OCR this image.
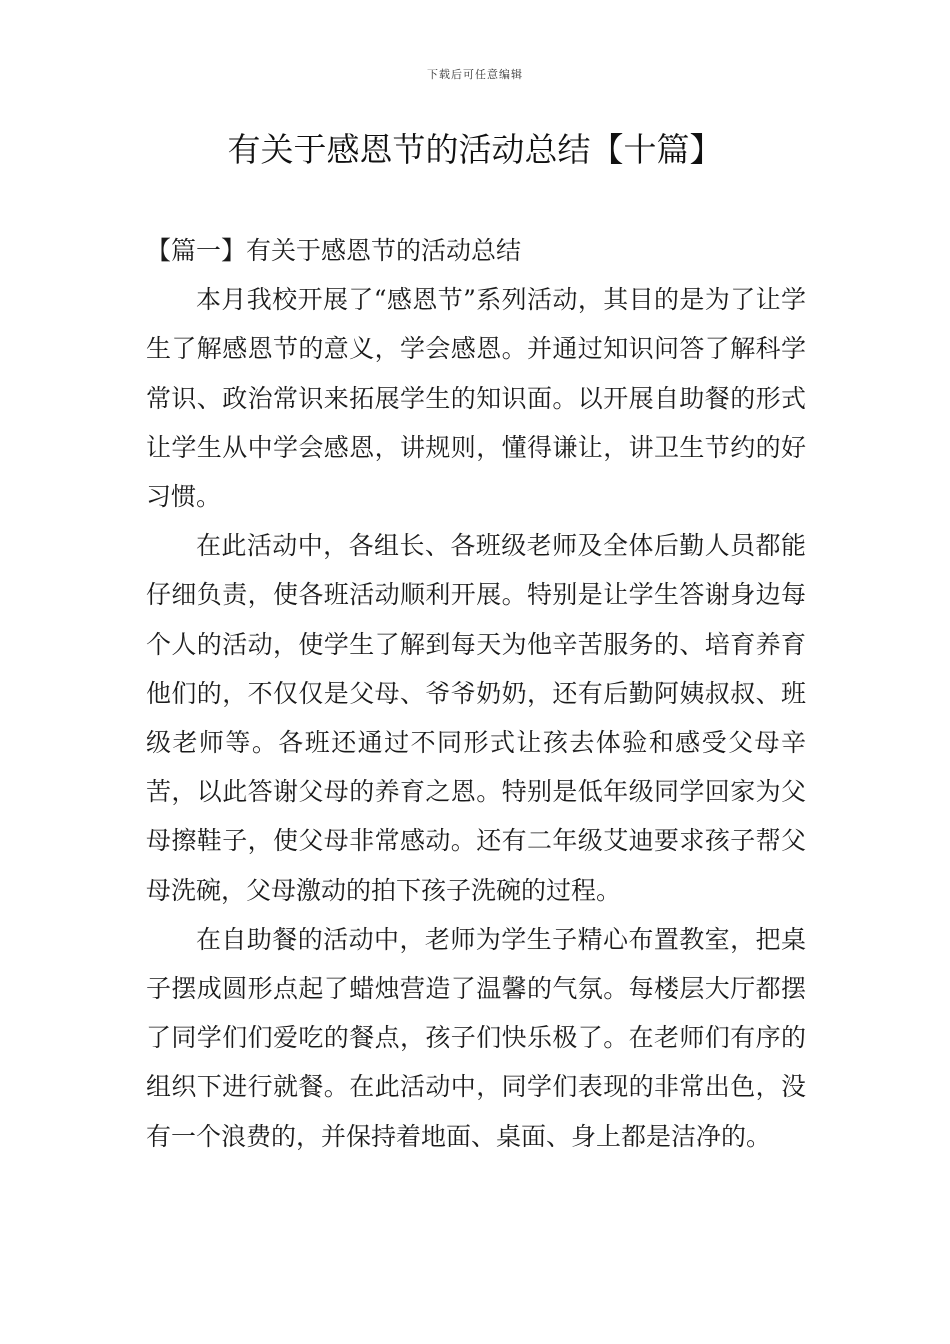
下载后可任意编辑
有关于感恩节的活动总结【十篇】
【篇一】有关于感恩节的活动总结

本月我校开展了“感恩节”系列活动，其目的是为了让学生了解感恩节的意义，学会感恩。并通过知识问答了解科学常识、政治常识来拓展学生的知识面。以开展自助餐的形式让学生从中学会感恩，讲规则，懂得谦让，讲卫生节约的好习惯。

在此活动中，各组长、各班级老师及全体后勤人员都能仔细负责，使各班活动顺利开展。特别是让学生答谢身边每个人的活动，使学生了解到每天为他辛苦服务的、培育养育他们的，不仅仅是父母、爷爷奶奶，还有后勤阿姨叔叔、班级老师等。各班还通过不同形式让孩去体验和感受父母辛苦，以此答谢父母的养育之恩。特别是低年级同学回家为父母擦鞋子，使父母非常感动。还有二年级艾迪要求孩子帮父母洗碗，父母激动的拍下孩子洗碗的过程。

在自助餐的活动中，老师为学生子精心布置教室，把桌子摆成圆形点起了蜡烛营造了温馨的气氛。每楼层大厅都摆了同学们们爱吃的餐点，孩子们快乐极了。在老师们有序的组织下进行就餐。在此活动中，同学们表现的非常出色，没有一个浪费的，并保持着地面、桌面、身上都是洁净的。
